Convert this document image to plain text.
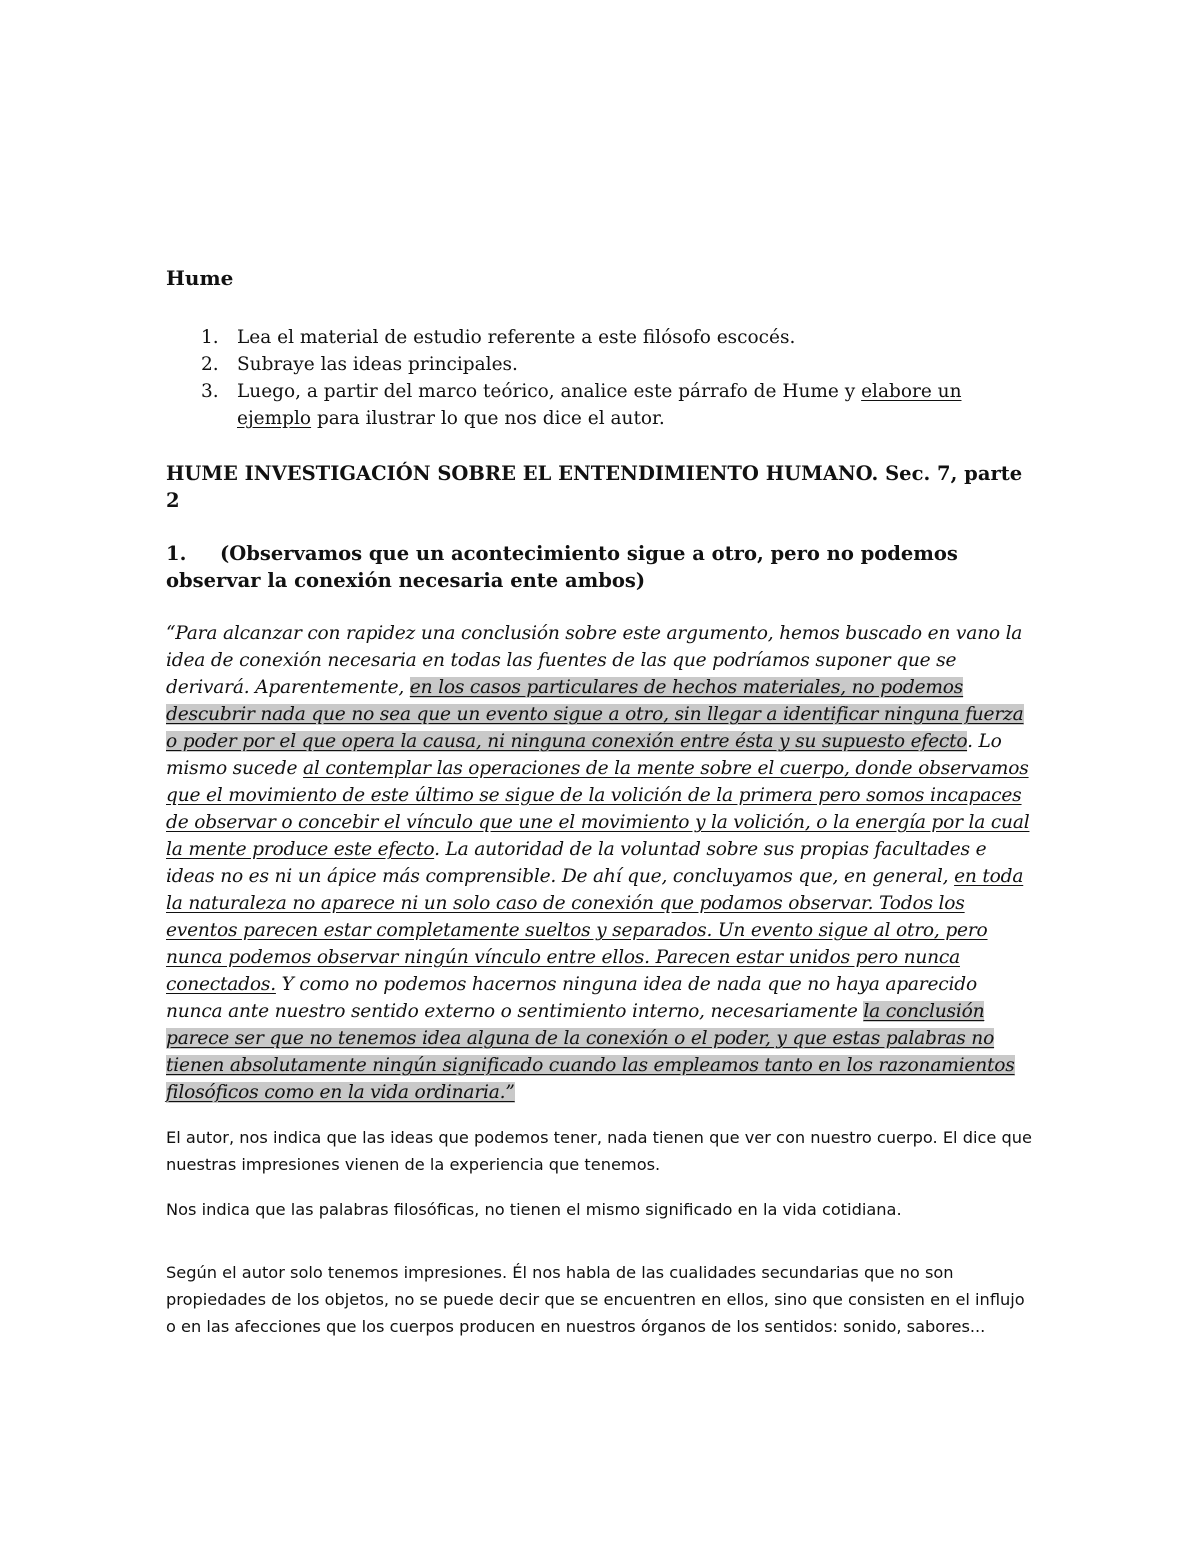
Hume
1. Lea el material de estudio referente a este filósofo escocés.
2. Subraye las ideas principales.
3. Luego, a partir del marco teórico, analice este párrafo de Hume y elabore un ejemplo para ilustrar lo que nos dice el autor.
HUME INVESTIGACIÓN SOBRE EL ENTENDIMIENTO HUMANO. Sec. 7, parte 2
1. (Observamos que un acontecimiento sigue a otro, pero no podemos observar la conexión necesaria ente ambos)

“Para alcanzar con rapidez una conclusión sobre este argumento, hemos buscado en vano la idea de conexión necesaria en todas las fuentes de las que podríamos suponer que se derivará. Aparentemente, en los casos particulares de hechos materiales, no podemos descubrir nada que no sea que un evento sigue a otro, sin llegar a identificar ninguna fuerza o poder por el que opera la causa, ni ninguna conexión entre ésta y su supuesto efecto. Lo mismo sucede al contemplar las operaciones de la mente sobre el cuerpo, donde observamos que el movimiento de este último se sigue de la volición de la primera pero somos incapaces de observar o concebir el vínculo que une el movimiento y la volición, o la energía por la cual la mente produce este efecto. La autoridad de la voluntad sobre sus propias facultades e ideas no es ni un ápice más comprensible. De ahí que, concluyamos que, en general, en toda la naturaleza no aparece ni un solo caso de conexión que podamos observar. Todos los eventos parecen estar completamente sueltos y separados. Un evento sigue al otro, pero nunca podemos observar ningún vínculo entre ellos. Parecen estar unidos pero nunca conectados. Y como no podemos hacernos ninguna idea de nada que no haya aparecido nunca ante nuestro sentido externo o sentimiento interno, necesariamente la conclusión parece ser que no tenemos idea alguna de la conexión o el poder, y que estas palabras no tienen absolutamente ningún significado cuando las empleamos tanto en los razonamientos filosóficos como en la vida ordinaria.”

El autor, nos indica que las ideas que podemos tener, nada tienen que ver con nuestro cuerpo. El dice que nuestras impresiones vienen de la experiencia que tenemos.

Nos indica que las palabras filosóficas, no tienen el mismo significado en la vida cotidiana.

Según el autor solo tenemos impresiones. Él nos habla de las cualidades secundarias que no son propiedades de los objetos, no se puede decir que se encuentren en ellos, sino que consisten en el influjo o en las afecciones que los cuerpos producen en nuestros órganos de los sentidos: sonido, sabores...
